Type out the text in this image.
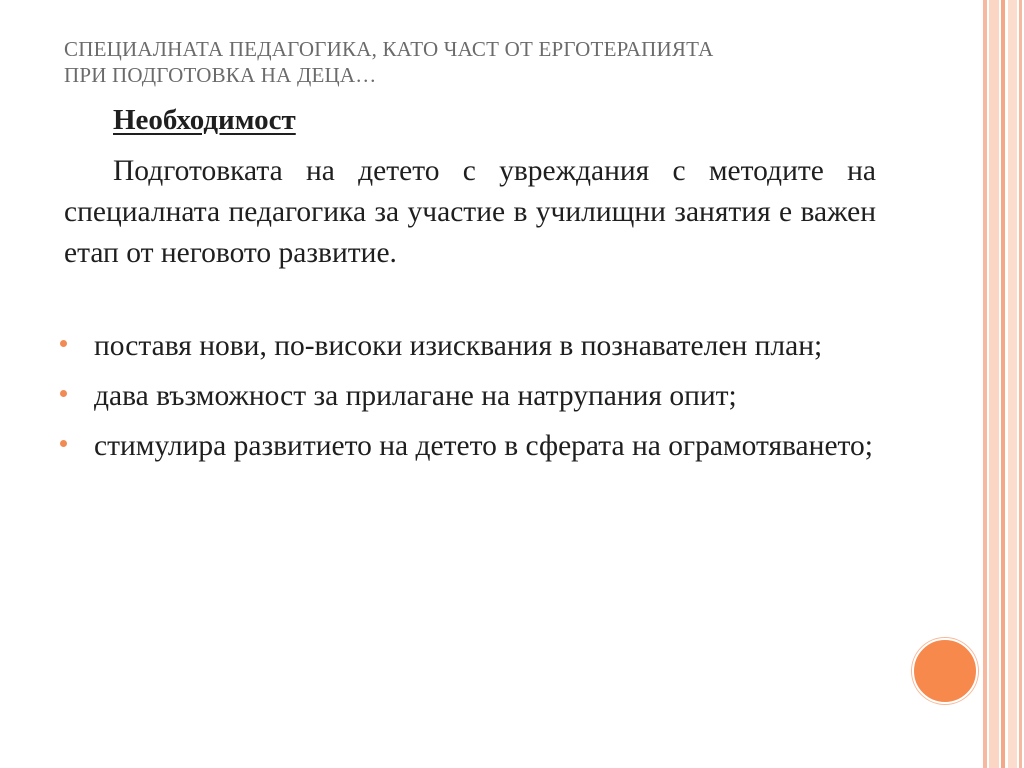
СПЕЦИАЛНАТА ПЕДАГОГИКА, КАТО ЧАСТ ОТ ЕРГОТЕРАПИЯТА
ПРИ ПОДГОТОВКА НА ДЕЦА…
Необходимост

Подготовката на детето с увреждания с методите на специалната педагогика за участие в училищни занятия е важен етап от неговото развитие.

поставя нови, по-високи изисквания в познавателен план;
дава възможност за прилагане на натрупания опит;
стимулира развитието на детето в сферата на ограмотяването;
